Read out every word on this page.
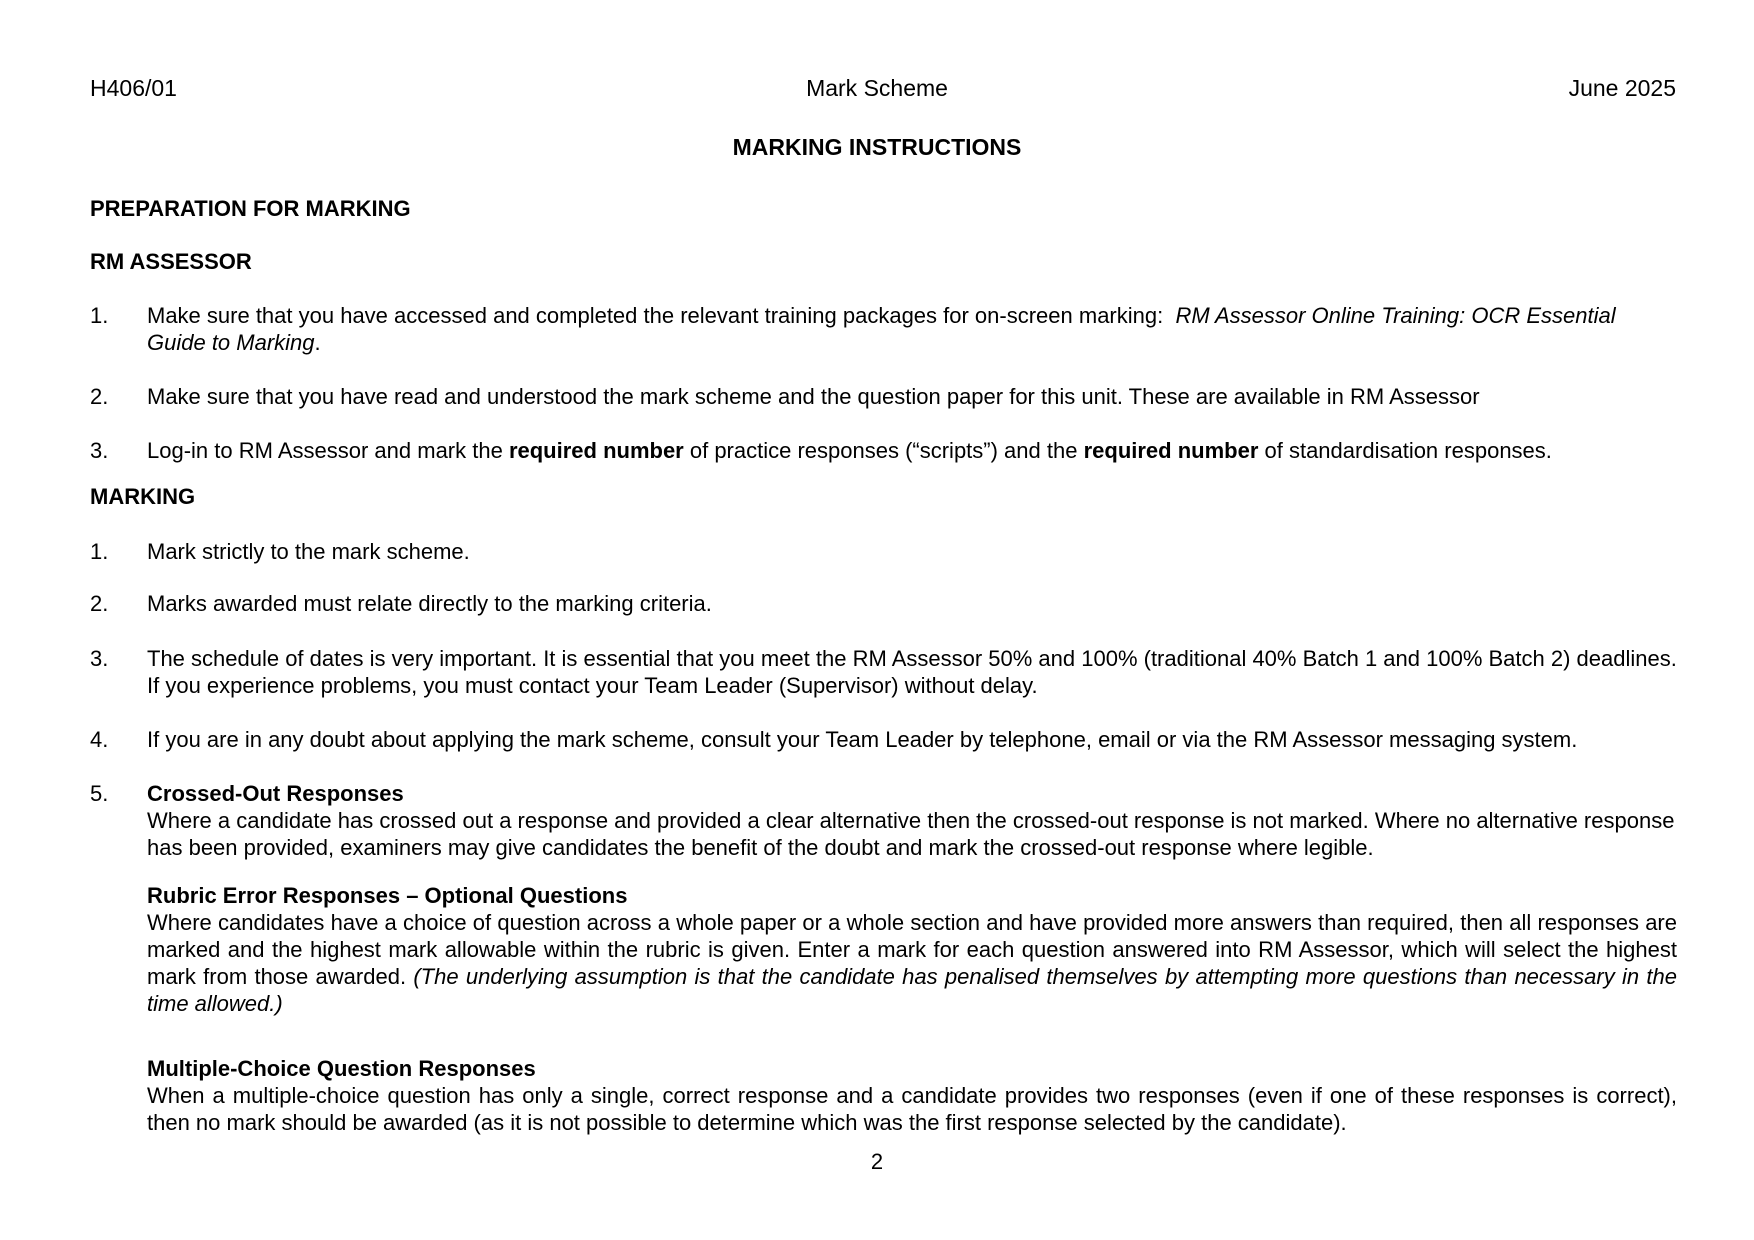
H406/01	Mark Scheme	June 2025
MARKING INSTRUCTIONS
PREPARATION FOR MARKING
RM ASSESSOR
1. Make sure that you have accessed and completed the relevant training packages for on-screen marking: RM Assessor Online Training: OCR Essential Guide to Marking.
2. Make sure that you have read and understood the mark scheme and the question paper for this unit. These are available in RM Assessor
3. Log-in to RM Assessor and mark the required number of practice responses (“scripts”) and the required number of standardisation responses.
MARKING
1. Mark strictly to the mark scheme.
2. Marks awarded must relate directly to the marking criteria.
3. The schedule of dates is very important. It is essential that you meet the RM Assessor 50% and 100% (traditional 40% Batch 1 and 100% Batch 2) deadlines. If you experience problems, you must contact your Team Leader (Supervisor) without delay.
4. If you are in any doubt about applying the mark scheme, consult your Team Leader by telephone, email or via the RM Assessor messaging system.
5. Crossed-Out Responses
Where a candidate has crossed out a response and provided a clear alternative then the crossed-out response is not marked. Where no alternative response has been provided, examiners may give candidates the benefit of the doubt and mark the crossed-out response where legible.
Rubric Error Responses – Optional Questions
Where candidates have a choice of question across a whole paper or a whole section and have provided more answers than required, then all responses are marked and the highest mark allowable within the rubric is given. Enter a mark for each question answered into RM Assessor, which will select the highest mark from those awarded. (The underlying assumption is that the candidate has penalised themselves by attempting more questions than necessary in the time allowed.)
Multiple-Choice Question Responses
When a multiple-choice question has only a single, correct response and a candidate provides two responses (even if one of these responses is correct), then no mark should be awarded (as it is not possible to determine which was the first response selected by the candidate).
2
